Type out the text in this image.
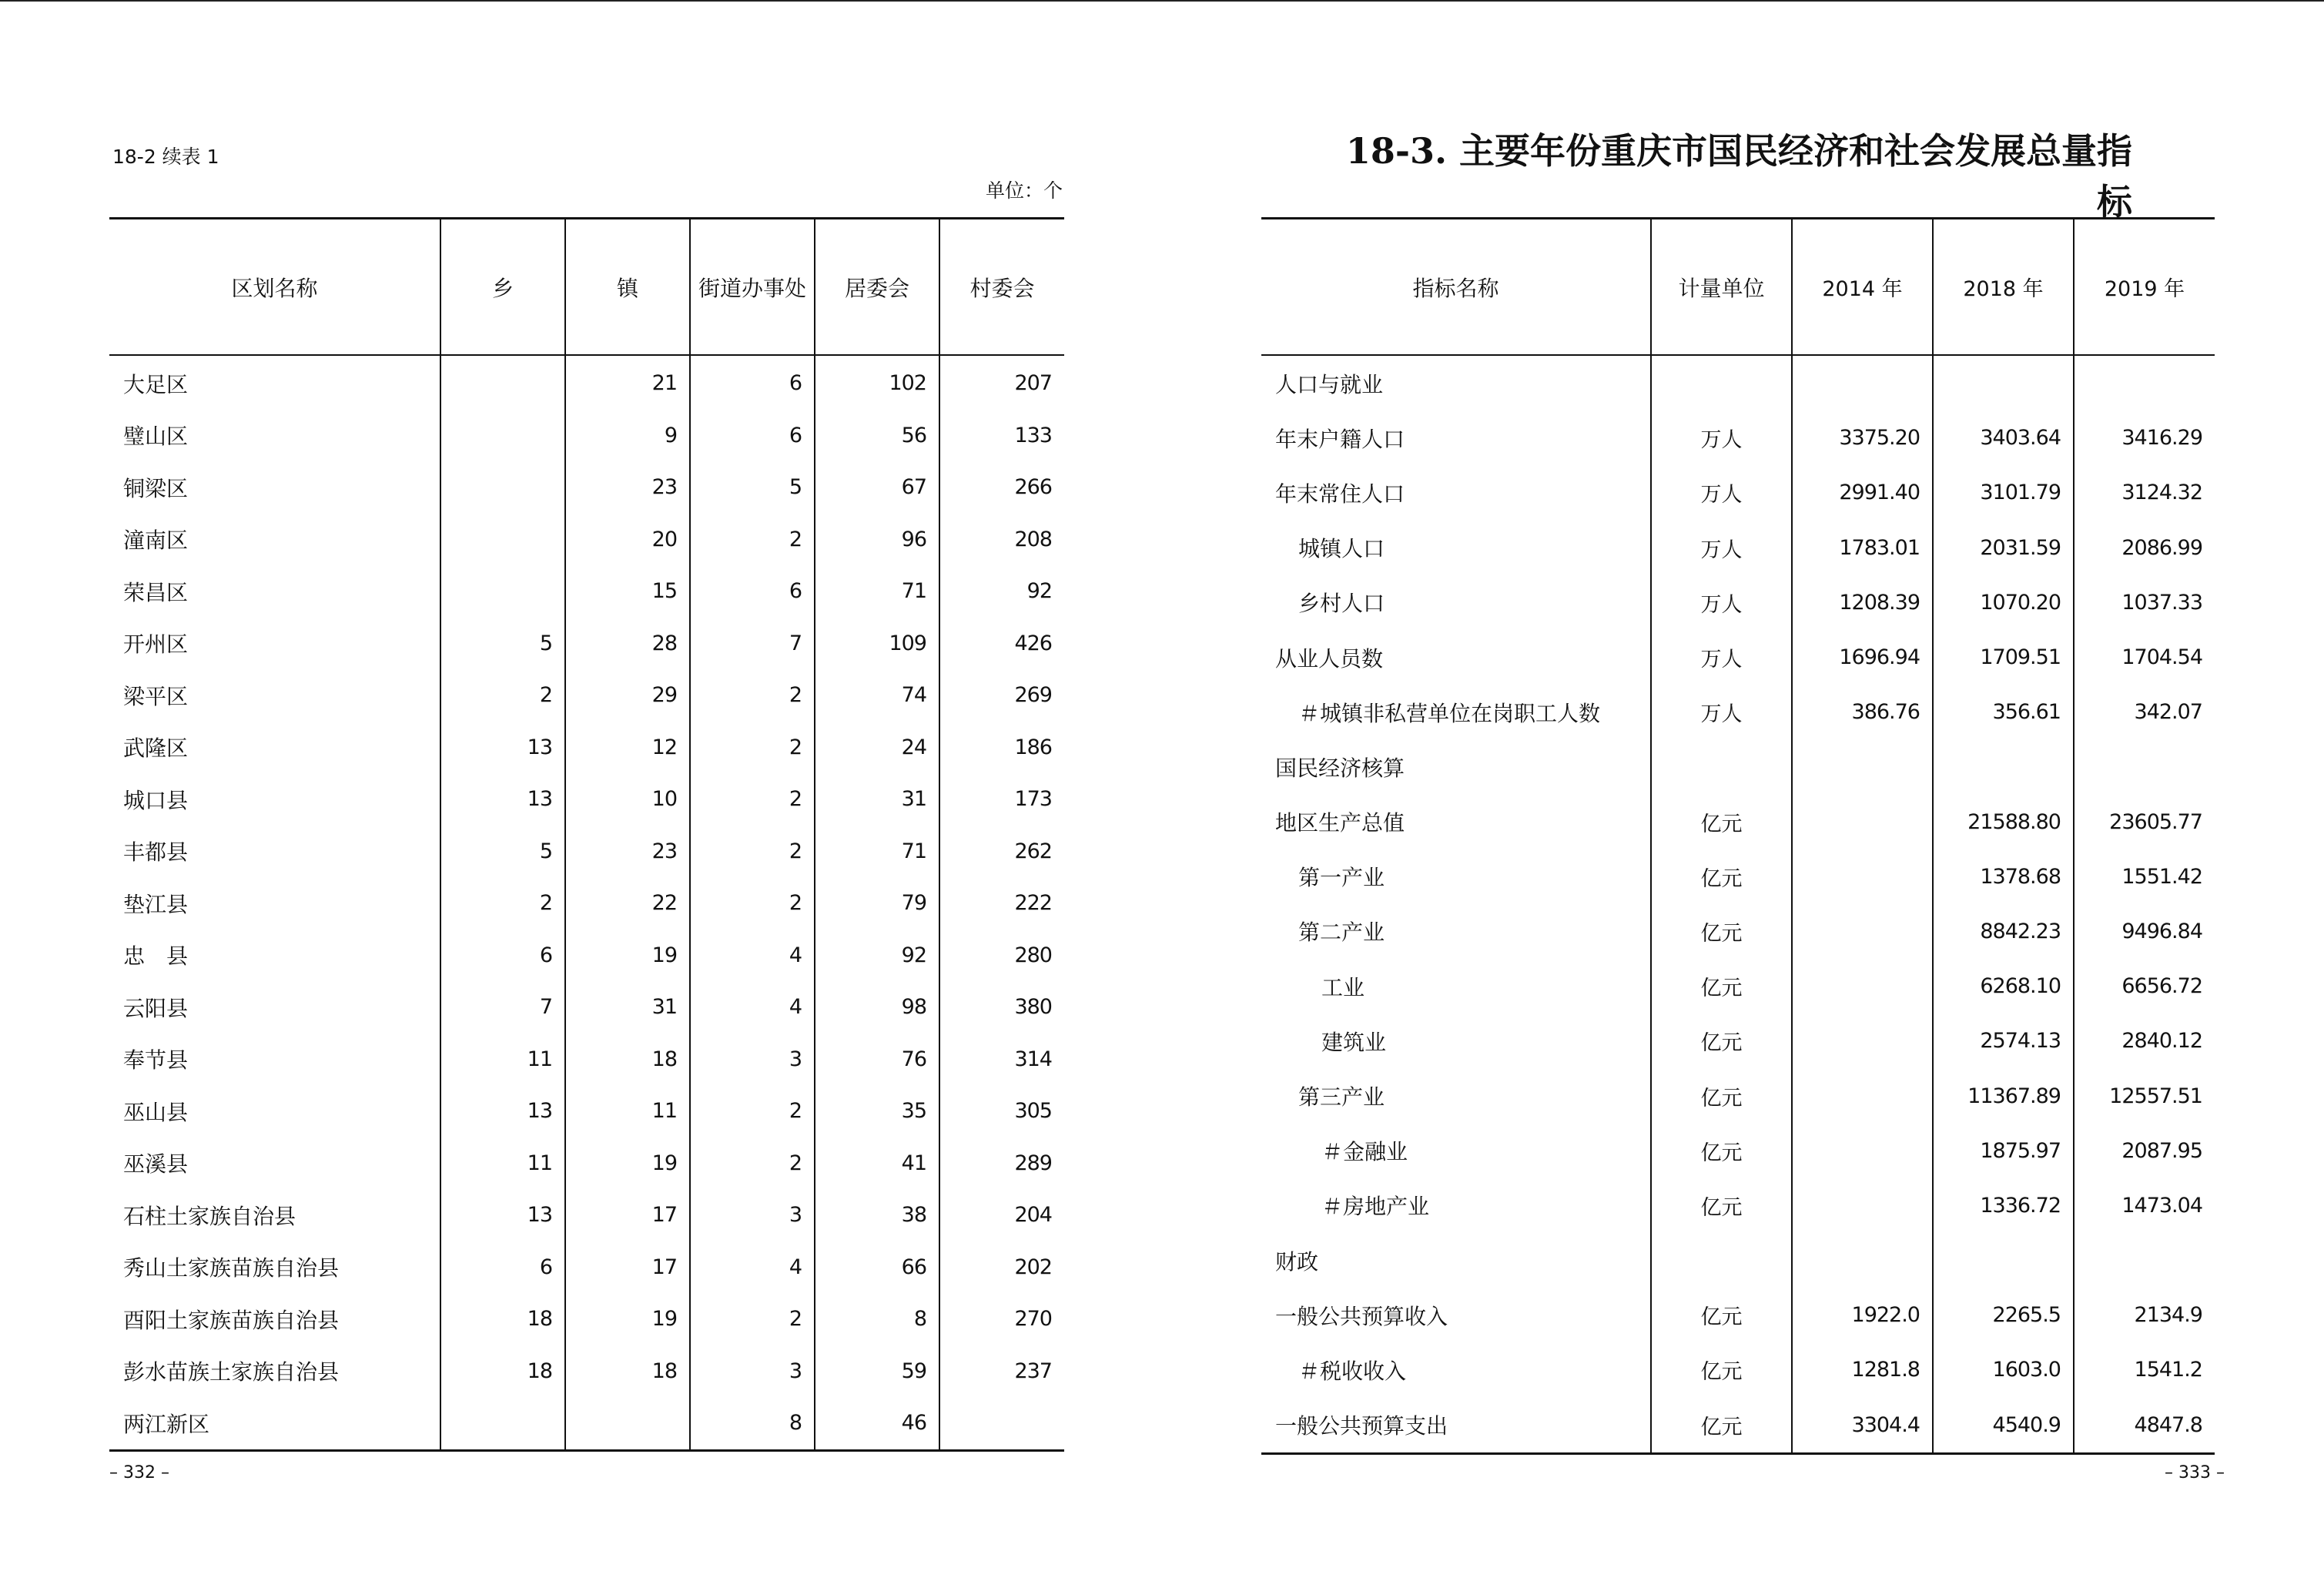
18-2 续表 1
单位：个
区划名称	乡	镇	街道办事处	居委会	村委会
大足区		21	6	102	207
璧山区		9	6	56	133
铜梁区		23	5	67	266
潼南区		20	2	96	208
荣昌区		15	6	71	92
开州区	5	28	7	109	426
梁平区	2	29	2	74	269
武隆区	13	12	2	24	186
城口县	13	10	2	31	173
丰都县	5	23	2	71	262
垫江县	2	22	2	79	222
忠　县	6	19	4	92	280
云阳县	7	31	4	98	380
奉节县	11	18	3	76	314
巫山县	13	11	2	35	305
巫溪县	11	19	2	41	289
石柱土家族自治县	13	17	3	38	204
秀山土家族苗族自治县	6	17	4	66	202
酉阳土家族苗族自治县	18	19	2	8	270
彭水苗族土家族自治县	18	18	3	59	237
两江新区			8	46	
– 332 –
18-3. 主要年份重庆市国民经济和社会发展总量指标
指标名称	计量单位	2014 年	2018 年	2019 年
人口与就业				
年末户籍人口	万人	3375.20	3403.64	3416.29
年末常住人口	万人	2991.40	3101.79	3124.32
城镇人口	万人	1783.01	2031.59	2086.99
乡村人口	万人	1208.39	1070.20	1037.33
从业人员数	万人	1696.94	1709.51	1704.54
＃城镇非私营单位在岗职工人数	万人	386.76	356.61	342.07
国民经济核算				
地区生产总值	亿元		21588.80	23605.77
第一产业	亿元		1378.68	1551.42
第二产业	亿元		8842.23	9496.84
工业	亿元		6268.10	6656.72
建筑业	亿元		2574.13	2840.12
第三产业	亿元		11367.89	12557.51
＃金融业	亿元		1875.97	2087.95
＃房地产业	亿元		1336.72	1473.04
财政				
一般公共预算收入	亿元	1922.0	2265.5	2134.9
＃税收收入	亿元	1281.8	1603.0	1541.2
一般公共预算支出	亿元	3304.4	4540.9	4847.8
– 333 –
